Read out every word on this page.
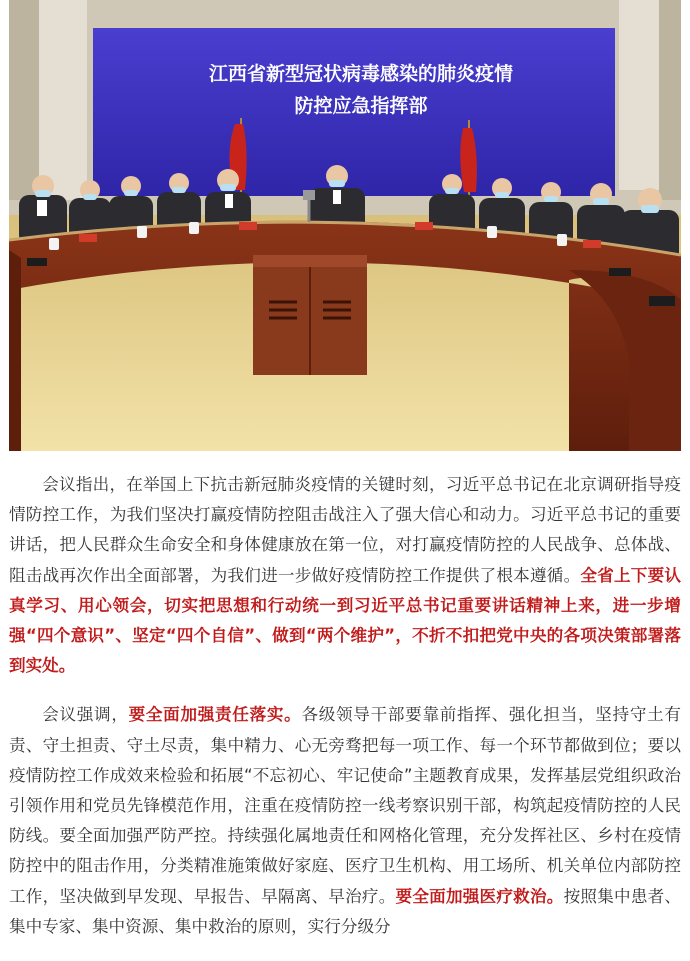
江西省新型冠状病毒感染的肺炎疫情
防控应急指挥部

会议指出，在举国上下抗击新冠肺炎疫情的关键时刻，习近平总书记在北京调研指导疫情防控工作，为我们坚决打赢疫情防控阻击战注入了强大信心和动力。习近平总书记的重要讲话，把人民群众生命安全和身体健康放在第一位，对打赢疫情防控的人民战争、总体战、阻击战再次作出全面部署，为我们进一步做好疫情防控工作提供了根本遵循。全省上下要认真学习、用心领会，切实把思想和行动统一到习近平总书记重要讲话精神上来，进一步增强“四个意识”、坚定“四个自信”、做到“两个维护”，不折不扣把党中央的各项决策部署落到实处。

会议强调，要全面加强责任落实。各级领导干部要靠前指挥、强化担当，坚持守土有责、守土担责、守土尽责，集中精力、心无旁骛把每一项工作、每一个环节都做到位；要以疫情防控工作成效来检验和拓展“不忘初心、牢记使命”主题教育成果，发挥基层党组织政治引领作用和党员先锋模范作用，注重在疫情防控一线考察识别干部，构筑起疫情防控的人民防线。要全面加强严防严控。持续强化属地责任和网格化管理，充分发挥社区、乡村在疫情防控中的阻击作用，分类精准施策做好家庭、医疗卫生机构、用工场所、机关单位内部防控工作，坚决做到早发现、早报告、早隔离、早治疗。要全面加强医疗救治。按照集中患者、集中专家、集中资源、集中救治的原则，实行分级分
